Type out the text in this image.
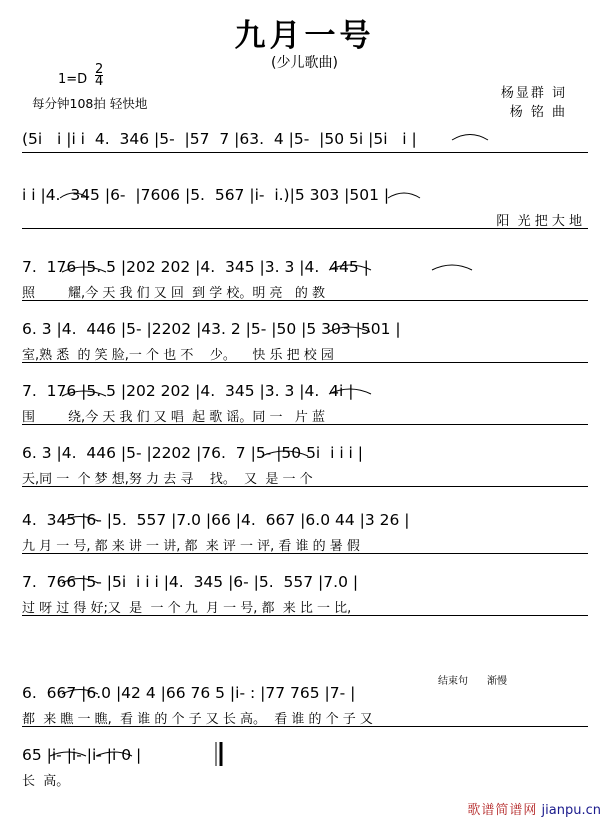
九月一号
(少儿歌曲)
$1=D \frac{2}{4}$
每分钟108拍 轻快地
杨显群 词
杨 铭 曲
(5i   i |i i  4.  346 |5-  |57  7 |63.  4 |5-  |50 5i |5i   i |
i i |4.  345 |6-  |7606 |5.  567 |i-  i.)|5 303 |501 |
阳  光 把 大 地
7.  176 |5. 5 |202 202 |4.  345 |3. 3 |4.  445 |
照        耀,今 天 我 们 又 回  到 学 校。明 亮   的 教
6. 3 |4.  446 |5- |2202 |43. 2 |5- |50 |5 303 |501 |
室,熟 悉  的 笑 脸,一 个 也 不    少。    快 乐 把 校 园
7.  176 |5. 5 |202 202 |4.  345 |3. 3 |4.  4i |
围        绕,今 天 我 们 又 唱  起 歌 谣。同 一   片 蓝
6. 3 |4.  446 |5- |2202 |76.  7 |5- |50 5i  i i i |
天,同 一  个 梦 想,努 力 去 寻    找。  又  是 一 个
4.  345 |6- |5.  557 |7.0 |66 |4.  667 |6.0 44 |3 26 |
九 月 一 号, 都 来 讲 一 讲, 都  来 评 一 评, 看 谁 的 暑 假
7.  766 |5- |5i  i i i |4.  345 |6- |5.  557 |7.0 |
过 呀 过 得 好;又  是  一 个 九  月 一 号, 都  来 比 一 比,
结束句 渐慢
6.  667 |6.0 |42 4 |66 76 5 |i- : |77 765 |7- |
都  来 瞧 一 瞧,  看 谁 的 个 子 又 长 高。  看 谁 的 个 子 又
65 |i- |i- |i- |i 0 |
长  高。
歌谱简谱网 jianpu.cn
